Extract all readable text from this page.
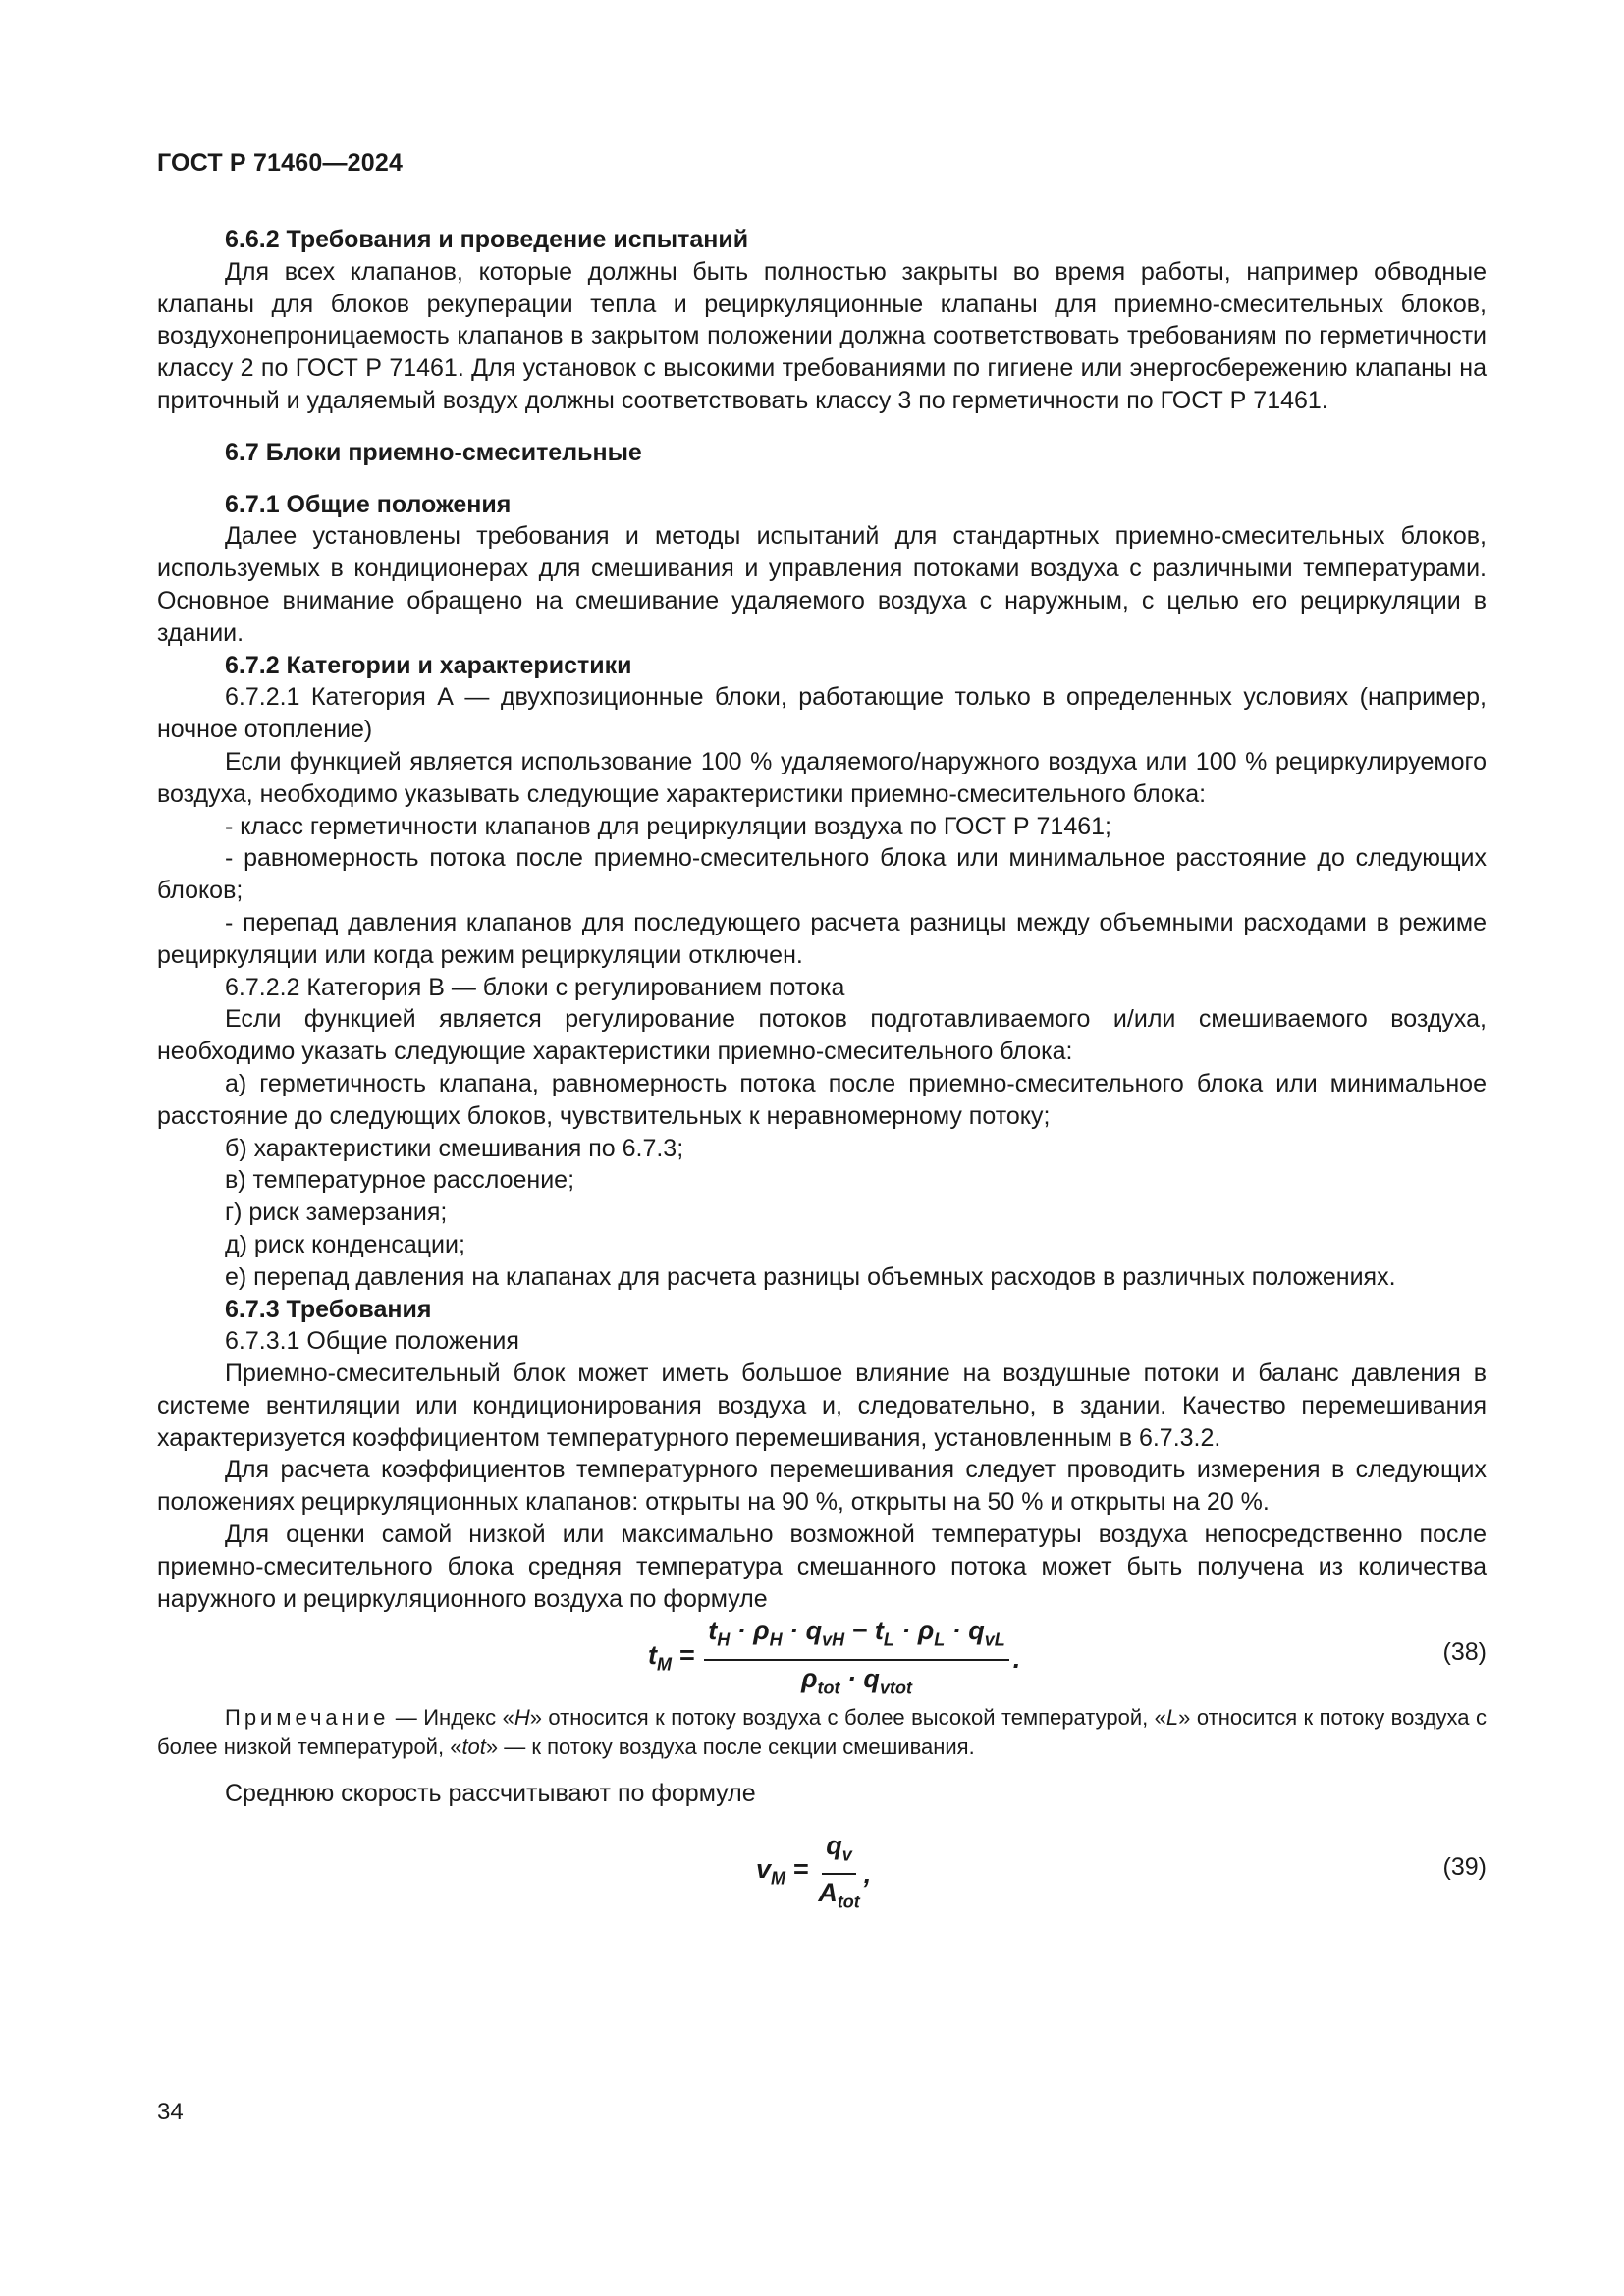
ГОСТ Р 71460—2024
6.6.2 Требования и проведение испытаний

Для всех клапанов, которые должны быть полностью закрыты во время работы, например обводные клапаны для блоков рекуперации тепла и рециркуляционные клапаны для приемно-смесительных блоков, воздухонепроницаемость клапанов в закрытом положении должна соответствовать требованиям по герметичности классу 2 по ГОСТ Р 71461. Для установок с высокими требованиями по гигиене или энергосбережению клапаны на приточный и удаляемый воздух должны соответствовать классу 3 по герметичности по ГОСТ Р 71461.

6.7 Блоки приемно-смесительные
6.7.1 Общие положения

Далее установлены требования и методы испытаний для стандартных приемно-смесительных блоков, используемых в кондиционерах для смешивания и управления потоками воздуха с различными температурами. Основное внимание обращено на смешивание удаляемого воздуха с наружным, с целью его рециркуляции в здании.

6.7.2 Категории и характеристики

6.7.2.1 Категория А — двухпозиционные блоки, работающие только в определенных условиях (например, ночное отопление)

Если функцией является использование 100 % удаляемого/наружного воздуха или 100 % рециркулируемого воздуха, необходимо указывать следующие характеристики приемно-смесительного блока:

- класс герметичности клапанов для рециркуляции воздуха по ГОСТ Р 71461;

- равномерность потока после приемно-смесительного блока или минимальное расстояние до следующих блоков;

- перепад давления клапанов для последующего расчета разницы между объемными расходами в режиме рециркуляции или когда режим рециркуляции отключен.

6.7.2.2 Категория В — блоки с регулированием потока

Если функцией является регулирование потоков подготавливаемого и/или смешиваемого воздуха, необходимо указать следующие характеристики приемно-смесительного блока:

а) герметичность клапана, равномерность потока после приемно-смесительного блока или минимальное расстояние до следующих блоков, чувствительных к неравномерному потоку;

б) характеристики смешивания по 6.7.3;

в) температурное расслоение;

г) риск замерзания;

д) риск конденсации;

е) перепад давления на клапанах для расчета разницы объемных расходов в различных положениях.

6.7.3 Требования

6.7.3.1 Общие положения

Приемно-смесительный блок может иметь большое влияние на воздушные потоки и баланс давления в системе вентиляции или кондиционирования воздуха и, следовательно, в здании. Качество перемешивания характеризуется коэффициентом температурного перемешивания, установленным в 6.7.3.2.

Для расчета коэффициентов температурного перемешивания следует проводить измерения в следующих положениях рециркуляционных клапанов: открыты на 90 %, открыты на 50 % и открыты на 20 %.

Для оценки самой низкой или максимально возможной температуры воздуха непосредственно после приемно-смесительного блока средняя температура смешанного потока может быть получена из количества наружного и рециркуляционного воздуха по формуле

$t_M = \frac{t_H \cdot \rho_H \cdot q_{vH} - t_L \cdot \rho_L \cdot q_{vL}}{\rho_{tot} \cdot q_{vtot}}$ .	(38)

Примечание — Индекс «H» относится к потоку воздуха с более высокой температурой, «L» относится к потоку воздуха с более низкой температурой, «tot» — к потоку воздуха после секции смешивания.

Среднюю скорость рассчитывают по формуле

$v_M = \frac{q_v}{A_{tot}}$ ,	(39)
34
